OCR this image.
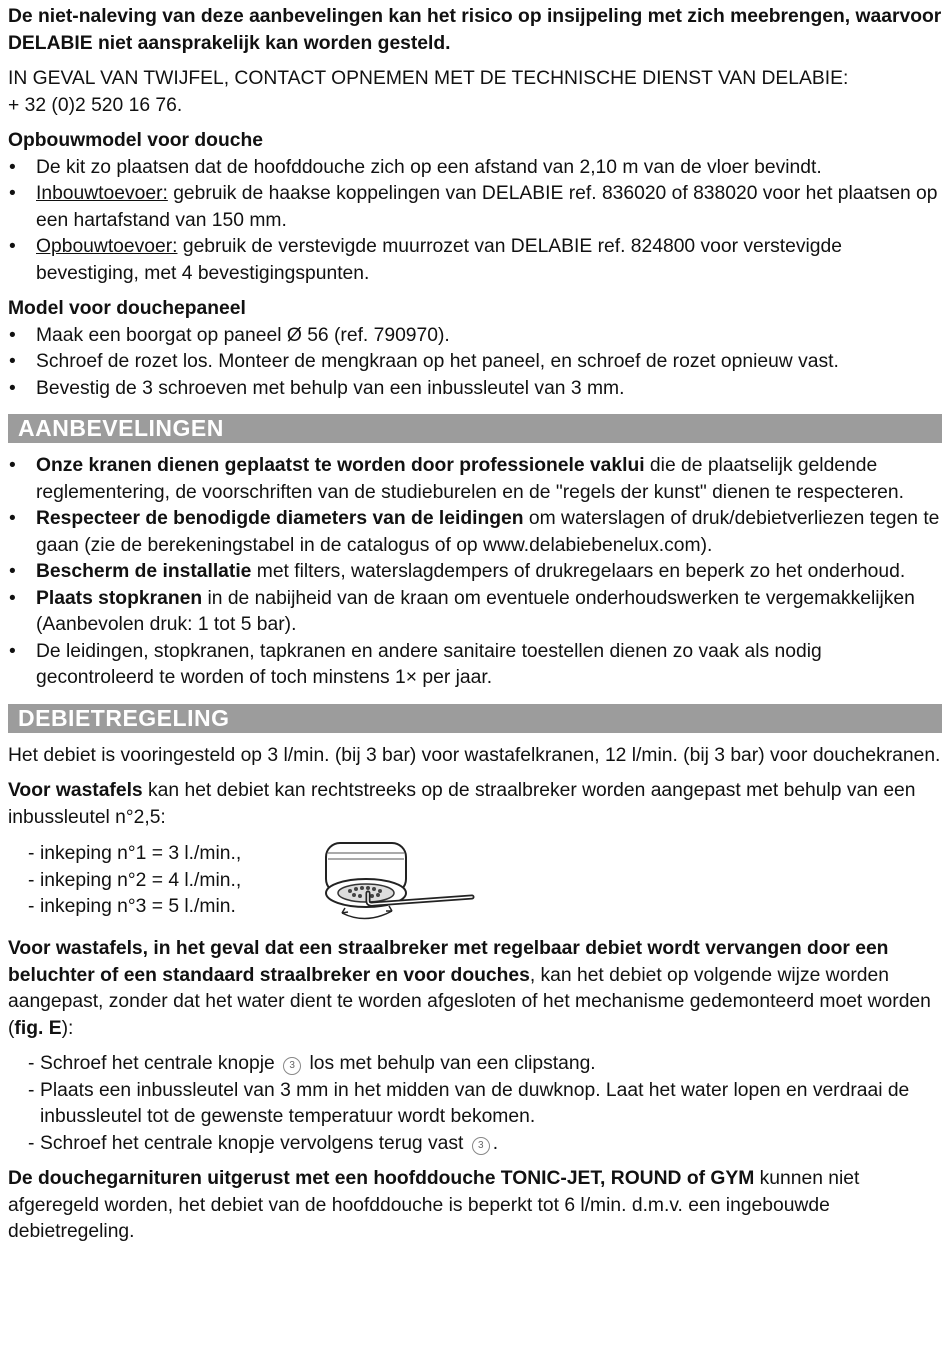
De niet-naleving van deze aanbevelingen kan het risico op insijpeling met zich meebrengen, waarvoor DELABIE niet aansprakelijk kan worden gesteld.

IN GEVAL VAN TWIJFEL, CONTACT OPNEMEN MET DE TECHNISCHE DIENST VAN DELABIE:

+ 32 (0)2 520 16 76.

Opbouwmodel voor douche

• De kit zo plaatsen dat de hoofddouche zich op een afstand van 2,10 m van de vloer bevindt.
• Inbouwtoevoer: gebruik de haakse koppelingen van DELABIE ref. 836020 of 838020 voor het plaatsen op een hartafstand van 150 mm.
• Opbouwtoevoer: gebruik de verstevigde muurrozet van DELABIE ref. 824800 voor verstevigde bevestiging, met 4 bevestigingspunten.

Model voor douchepaneel

• Maak een boorgat op paneel Ø 56 (ref. 790970).
• Schroef de rozet los. Monteer de mengkraan op het paneel, en schroef de rozet opnieuw vast.
• Bevestig de 3 schroeven met behulp van een inbussleutel van 3 mm.
AANBEVELINGEN
• Onze kranen dienen geplaatst te worden door professionele vaklui die de plaatselijk geldende reglementering, de voorschriften van de studieburelen en de "regels der kunst" dienen te respecteren.
• Respecteer de benodigde diameters van de leidingen om waterslagen of druk/debietverliezen tegen te gaan (zie de berekeningstabel in de catalogus of op www.delabiebenelux.com).
• Bescherm de installatie met filters, waterslagdempers of drukregelaars en beperk zo het onderhoud.
• Plaats stopkranen in de nabijheid van de kraan om eventuele onderhoudswerken te vergemakkelijken (Aanbevolen druk: 1 tot 5 bar).
• De leidingen, stopkranen, tapkranen en andere sanitaire toestellen dienen zo vaak als nodig gecontroleerd te worden of toch minstens 1× per jaar.
DEBIETREGELING

Het debiet is vooringesteld op 3 l/min. (bij 3 bar) voor wastafelkranen, 12 l/min. (bij 3 bar) voor douchekranen.

Voor wastafels kan het debiet kan rechtstreeks op de straalbreker worden aangepast met behulp van een inbussleutel n°2,5:

- inkeping n°1 = 3 l./min.,
- inkeping n°2 = 4 l./min.,
- inkeping n°3 = 5 l./min.

Voor wastafels, in het geval dat een straalbreker met regelbaar debiet wordt vervangen door een beluchter of een standaard straalbreker en voor douches, kan het debiet op volgende wijze worden aangepast, zonder dat het water dient te worden afgesloten of het mechanisme gedemonteerd moet worden (fig. E):

- Schroef het centrale knopje 3 los met behulp van een clipstang.
- Plaats een inbussleutel van 3 mm in het midden van de duwknop. Laat het water lopen en verdraai de inbussleutel tot de gewenste temperatuur wordt bekomen.
- Schroef het centrale knopje vervolgens terug vast 3 .

De douchegarnituren uitgerust met een hoofddouche TONIC-JET, ROUND of GYM kunnen niet afgeregeld worden, het debiet van de hoofddouche is beperkt tot 6 l/min. d.m.v. een ingebouwde debietregeling.
